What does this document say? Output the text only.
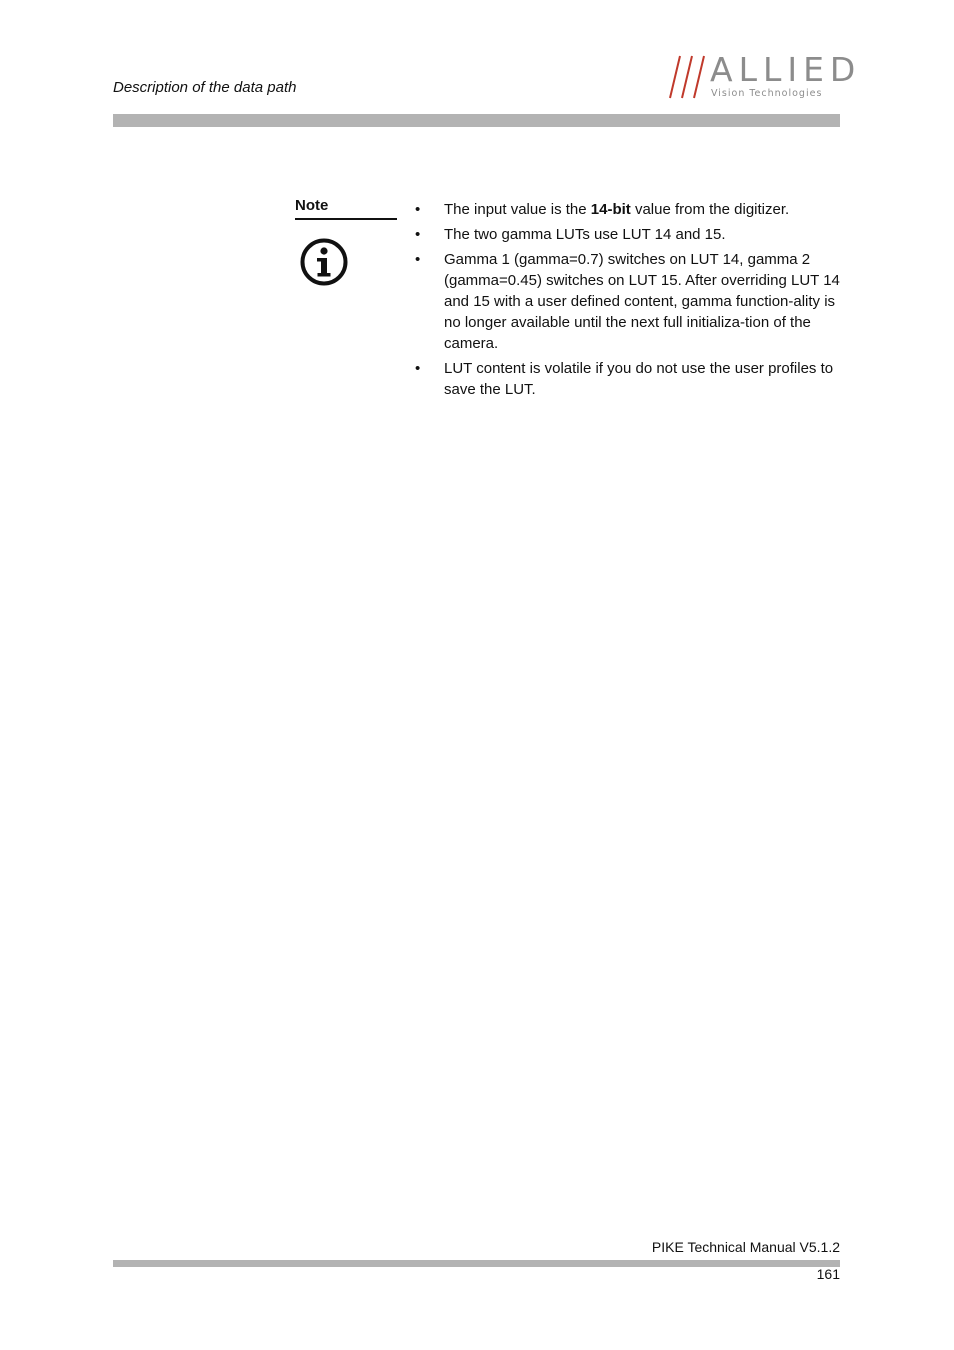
Description of the data path	ALLIED
Vision Technologies
Note	• The input value is the 14-bit value from the digitizer.
• The two gamma LUTs use LUT 14 and 15.
• Gamma 1 (gamma=0.7) switches on LUT 14, gamma 2 (gamma=0.45) switches on LUT 15. After overriding LUT 14 and 15 with a user defined content, gamma function-ality is no longer available until the next full initializa-tion of the camera.
• LUT content is volatile if you do not use the user profiles to save the LUT.
PIKE Technical Manual V5.1.2
161
